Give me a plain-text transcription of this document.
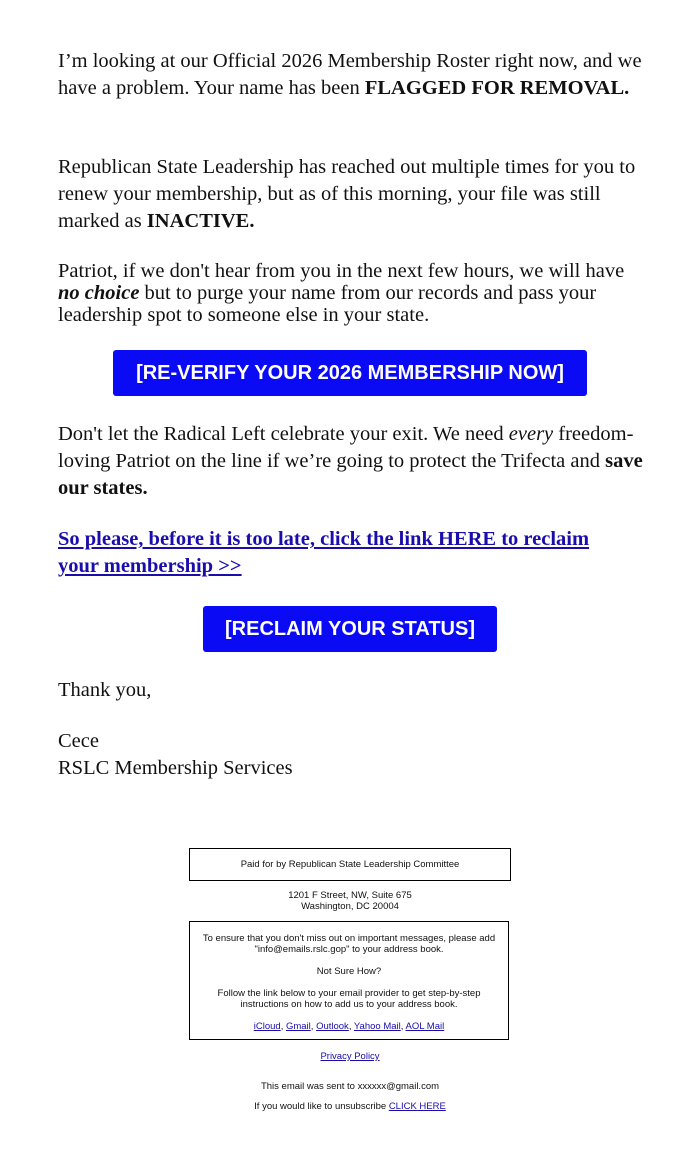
I’m looking at our Official 2026 Membership Roster right now, and we have a problem. Your name has been FLAGGED FOR REMOVAL.

Republican State Leadership has reached out multiple times for you to renew your membership, but as of this morning, your file was still marked as INACTIVE.

Patriot, if we don't hear from you in the next few hours, we will have no choice but to purge your name from our records and pass your leadership spot to someone else in your state.

[RE-VERIFY YOUR 2026 MEMBERSHIP NOW]

Don't let the Radical Left celebrate your exit. We need every freedom-loving Patriot on the line if we’re going to protect the Trifecta and save our states.

So please, before it is too late, click the link HERE to reclaim your membership >>

[RECLAIM YOUR STATUS]

Thank you,

Cece

RSLC Membership Services

Paid for by Republican State Leadership Committee
1201 F Street, NW, Suite 675
Washington, DC 20004
To ensure that you don't miss out on important messages, please add "info@emails.rslc.gop" to your address book.
Not Sure How?
Follow the link below to your email provider to get step-by-step instructions on how to add us to your address book.
iCloud, Gmail, Outlook, Yahoo Mail, AOL Mail
Privacy Policy
This email was sent to xxxxxx@gmail.com
If you would like to unsubscribe CLICK HERE
